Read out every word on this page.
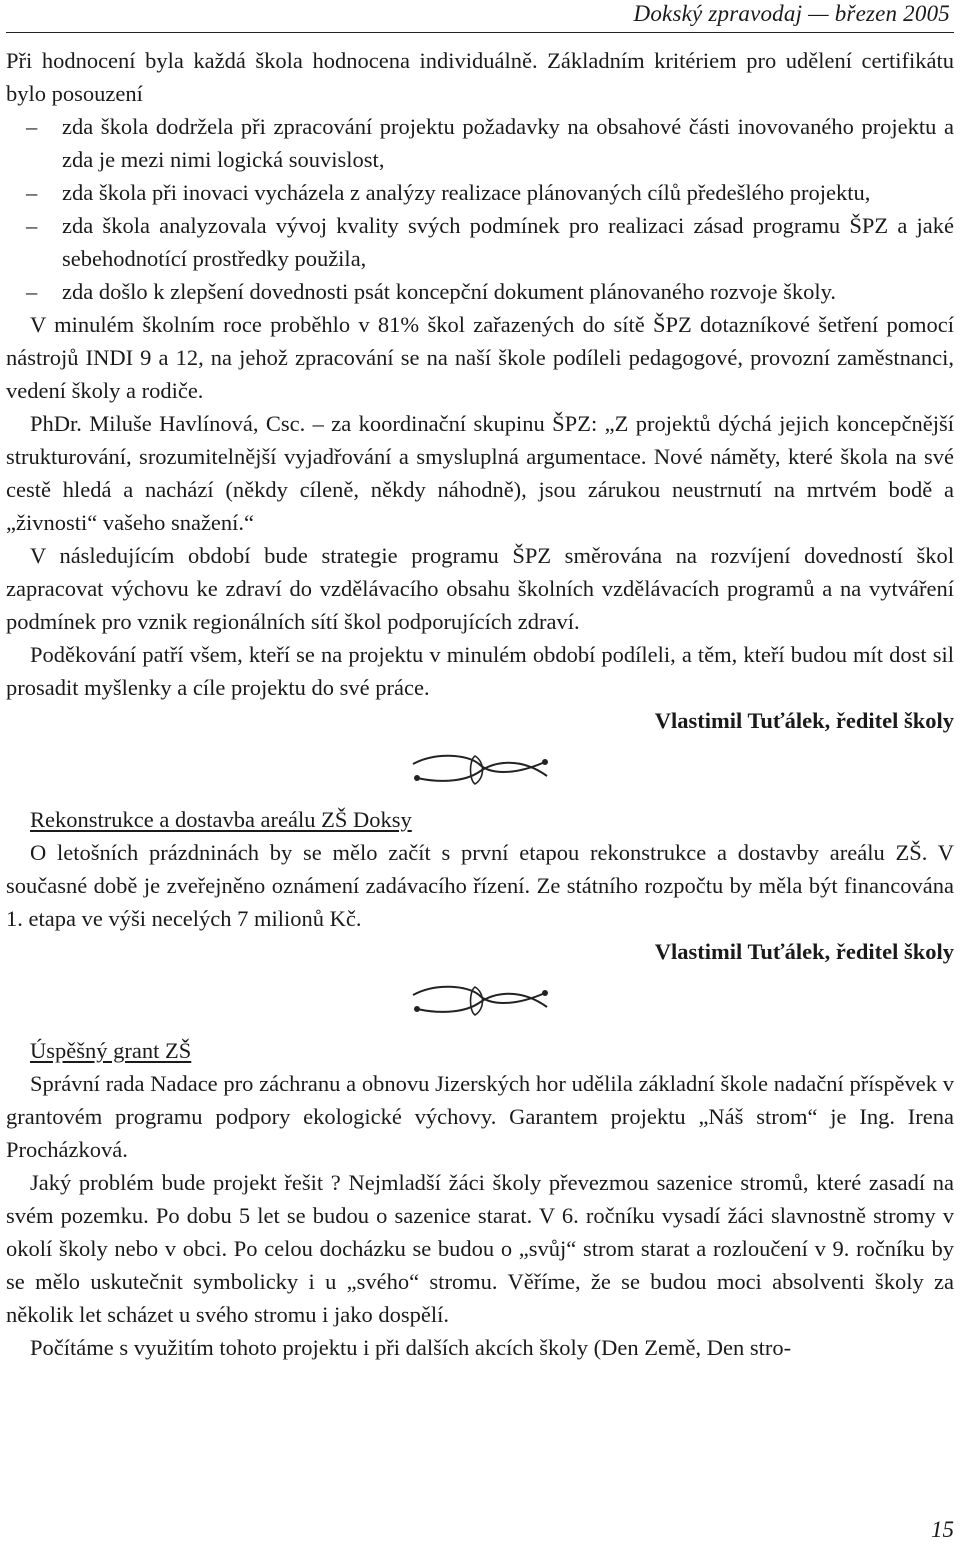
Dokský zpravodaj — březen 2005

Při hodnocení byla každá škola hodnocena individuálně. Základním kritériem pro udělení certifikátu bylo posouzení

– zda škola dodržela při zpracování projektu požadavky na obsahové části inovovaného projektu a zda je mezi nimi logická souvislost,
– zda škola při inovaci vycházela z analýzy realizace plánovaných cílů předešlého projektu,
– zda škola analyzovala vývoj kvality svých podmínek pro realizaci zásad programu ŠPZ a jaké sebehodnotící prostředky použila,
– zda došlo k zlepšení dovednosti psát koncepční dokument plánovaného rozvoje školy.

V minulém školním roce proběhlo v 81% škol zařazených do sítě ŠPZ dotazníkové šetření pomocí nástrojů INDI 9 a 12, na jehož zpracování se na naší škole podíleli pedagogové, provozní zaměstnanci, vedení školy a rodiče.

PhDr. Miluše Havlínová, Csc. – za koordinační skupinu ŠPZ: „Z projektů dýchá jejich koncepčnější strukturování, srozumitelnější vyjadřování a smysluplná argumentace. Nové náměty, které škola na své cestě hledá a nachází (někdy cíleně, někdy náhodně), jsou zárukou neustrnutí na mrtvém bodě a „živnosti“ vašeho snažení.“

V následujícím období bude strategie programu ŠPZ směrována na rozvíjení dovedností škol zapracovat výchovu ke zdraví do vzdělávacího obsahu školních vzdělávacích programů a na vytváření podmínek pro vznik regionálních sítí škol podporujících zdraví.

Poděkování patří všem, kteří se na projektu v minulém období podíleli, a těm, kteří budou mít dost sil prosadit myšlenky a cíle projektu do své práce.

Vlastimil Tuťálek, ředitel školy

Rekonstrukce a dostavba areálu ZŠ Doksy

O letošních prázdninách by se mělo začít s první etapou rekonstrukce a dostavby areálu ZŠ. V současné době je zveřejněno oznámení zadávacího řízení. Ze státního rozpočtu by měla být financována 1. etapa ve výši necelých 7 milionů Kč.

Vlastimil Tuťálek, ředitel školy

Úspěšný grant ZŠ

Správní rada Nadace pro záchranu a obnovu Jizerských hor udělila základní škole nadační příspěvek v grantovém programu podpory ekologické výchovy. Garantem projektu „Náš strom“ je Ing. Irena Procházková.

Jaký problém bude projekt řešit ? Nejmladší žáci školy převezmou sazenice stromů, které zasadí na svém pozemku. Po dobu 5 let se budou o sazenice starat. V 6. ročníku vysadí žáci slavnostně stromy v okolí školy nebo v obci. Po celou docházku se budou o „svůj“ strom starat a rozloučení v 9. ročníku by se mělo uskutečnit symbolicky i u „svého“ stromu. Věříme, že se budou moci absolventi školy za několik let scházet u svého stromu i jako dospělí.

Počítáme s využitím tohoto projektu i při dalších akcích školy (Den Země, Den stro-

15
